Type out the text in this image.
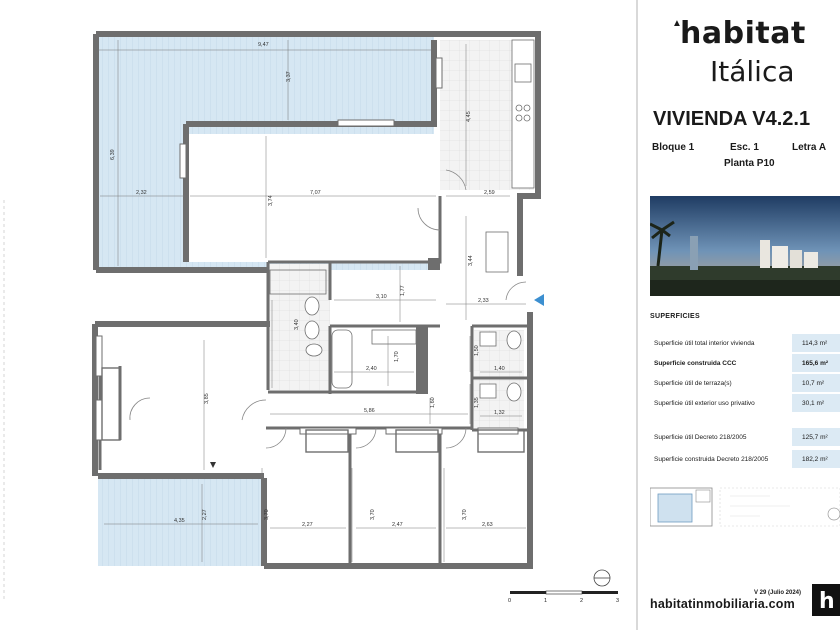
9,47
3,37
6,39
2,32	7,07
3,74
4,45
2,59
3,44
1,77
3,10
2,33
3,40
2,40
1,70
1,50
1,40
1,35
1,32
3,85
5,86
1,60
2,27
4,35
3,70
2,27
3,70
2,47
3,70
2,63
0	1	2	3
▲
habitat
Itálica
VIVIENDA V4.2.1
Bloque 1	Esc. 1	Letra A
Planta P10
SUPERFICIES
Superficie útil total interior vivienda	114,3 m²
Superficie construida CCC	165,6 m²
Superficie útil de terraza(s)	10,7 m²
Superficie útil exterior uso privativo	30,1 m²
Superficie útil Decreto 218/2005	125,7 m²
Superficie construida Decreto 218/2005	182,2 m²
V 29 (Julio 2024)
habitatinmobiliaria.com h
